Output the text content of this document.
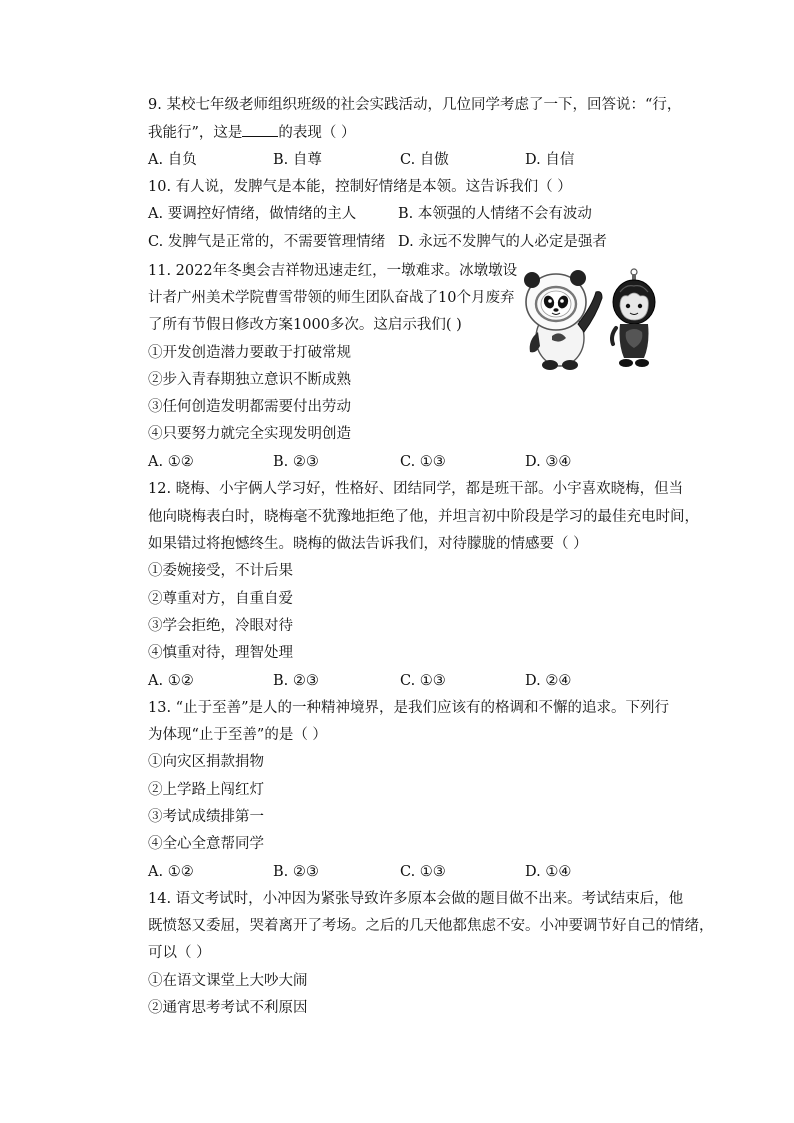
9. 某校七年级老师组织班级的社会实践活动，几位同学考虑了一下，回答说：“行，
我能行”，这是 的表现（ ）
A. 自负	B. 自尊	C. 自傲	D. 自信
10. 有人说，发脾气是本能，控制好情绪是本领。这告诉我们（ ）
A. 要调控好情绪，做情绪的主人	B. 本领强的人情绪不会有波动
C. 发脾气是正常的，不需要管理情绪 D. 永远不发脾气的人必定是强者
11. 2022年冬奥会吉祥物迅速走红，一墩难求。冰墩墩设
计者广州美术学院曹雪带领的师生团队奋战了10个月废弃
了所有节假日修改方案1000多次。这启示我们( )
①开发创造潜力要敢于打破常规
②步入青春期独立意识不断成熟
③任何创造发明都需要付出劳动
④只要努力就完全实现发明创造
A. ①②	B. ②③	C. ①③	D. ③④
12. 晓梅、小宇俩人学习好，性格好、团结同学，都是班干部。小宇喜欢晓梅，但当
他向晓梅表白时，晓梅毫不犹豫地拒绝了他，并坦言初中阶段是学习的最佳充电时间，
如果错过将抱憾终生。晓梅的做法告诉我们，对待朦胧的情感要（ ）
①委婉接受，不计后果
②尊重对方，自重自爱
③学会拒绝，冷眼对待
④慎重对待，理智处理
A. ①②	B. ②③	C. ①③	D. ②④
13. “止于至善”是人的一种精神境界，是我们应该有的格调和不懈的追求。下列行
为体现“止于至善”的是（ ）
①向灾区捐款捐物
②上学路上闯红灯
③考试成绩排第一
④全心全意帮同学
A. ①②	B. ②③	C. ①③	D. ①④
14. 语文考试时，小冲因为紧张导致许多原本会做的题目做不出来。考试结束后，他
既愤怒又委屈，哭着离开了考场。之后的几天他都焦虑不安。小冲要调节好自己的情绪，
可以（ ）
①在语文课堂上大吵大闹
②通宵思考考试不利原因
